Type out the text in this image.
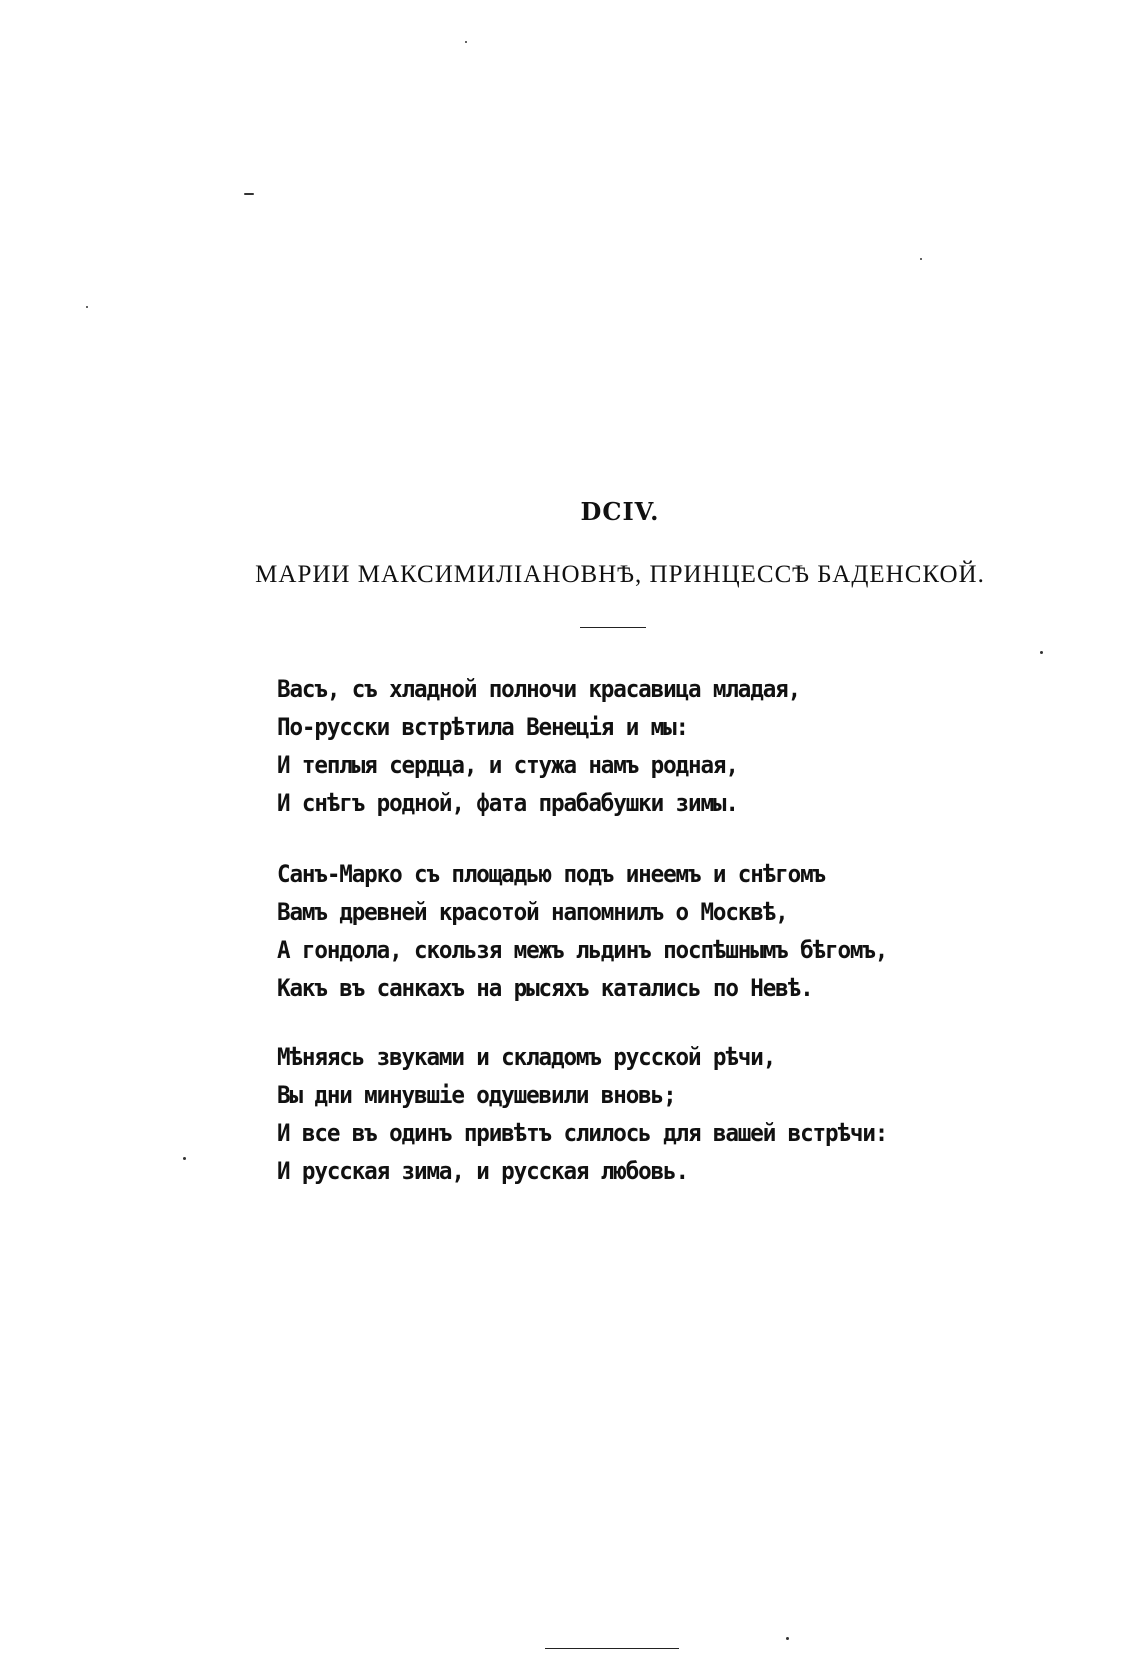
DCIV.
МАРИИ МАКСИМИЛІАНОВНѢ, ПРИНЦЕССѢ БАДЕНСКОЙ.
Васъ, съ хладной полночи красавица младая,
По-русски встрѣтила Венеція и мы:
И теплыя сердца, и стужа намъ родная,
И снѣгъ родной, фата прабабушки зимы.
Санъ-Марко съ площадью подъ инеемъ и снѣгомъ
Вамъ древней красотой напомнилъ о Москвѣ,
А гондола, скользя межъ льдинъ поспѣшнымъ бѣгомъ,
Какъ въ санкахъ на рысяхъ катались по Невѣ.
Мѣняясь звуками и складомъ русской рѣчи,
Вы дни минувшіе одушевили вновь;
И все въ одинъ привѣтъ слилось для вашей встрѣчи:
И русская зима, и русская любовь.
